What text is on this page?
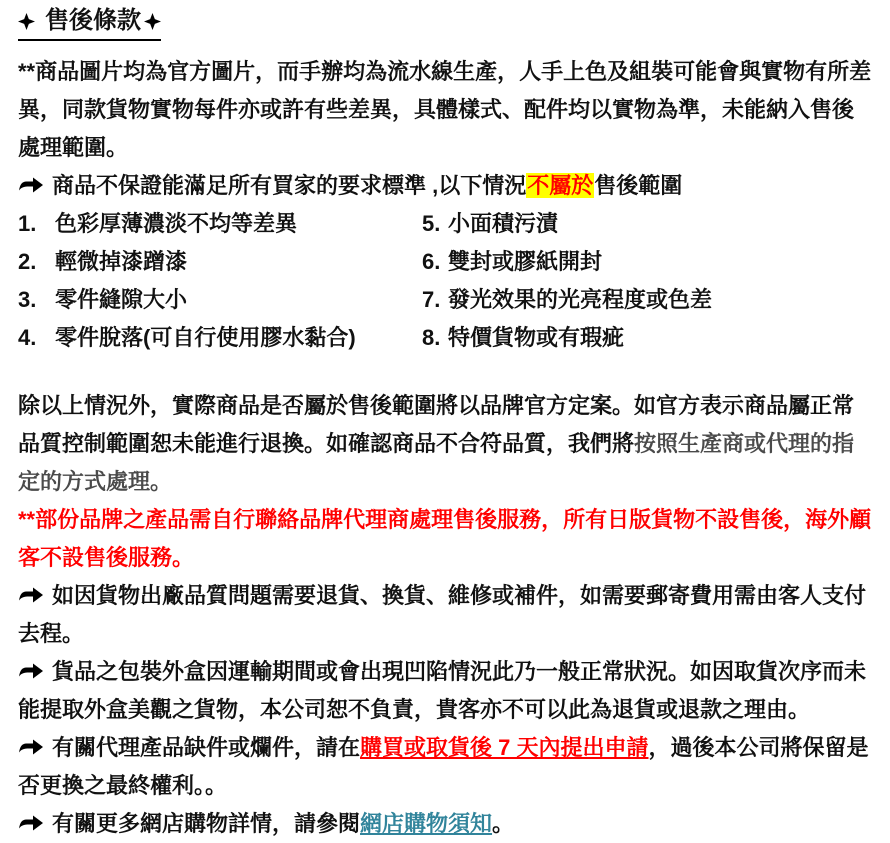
售後條款

**商品圖片均為官方圖片，而手辦均為流水線生產，人手上色及組裝可能會與實物有所差異，同款貨物實物每件亦或許有些差異，具體樣式、配件均以實物為準，未能納入售後處理範圍。

商品不保證能滿足所有買家的要求標準 ,以下情況不屬於售後範圍

1. 色彩厚薄濃淡不均等差異
2. 輕微掉漆蹭漆
3. 零件縫隙大小
4. 零件脫落(可自行使用膠水黏合)
5. 小面積污漬
6. 雙封或膠紙開封
7. 發光效果的光亮程度或色差
8. 特價貨物或有瑕疵

除以上情況外，實際商品是否屬於售後範圍將以品牌官方定案。如官方表示商品屬正常品質控制範圍恕未能進行退換。如確認商品不合符品質，我們將按照生產商或代理的指定的方式處理。

**部份品牌之產品需自行聯絡品牌代理商處理售後服務，所有日版貨物不設售後，海外顧客不設售後服務。

如因貨物出廠品質問題需要退貨、換貨、維修或補件，如需要郵寄費用需由客人支付去程。

貨品之包裝外盒因運輸期間或會出現凹陷情況此乃一般正常狀況。如因取貨次序而未能提取外盒美觀之貨物，本公司恕不負責，貴客亦不可以此為退貨或退款之理由。

有關代理產品缺件或爛件，請在購買或取貨後 7 天內提出申請，過後本公司將保留是否更換之最終權利。。

有關更多網店購物詳情，請參閱網店購物須知。
